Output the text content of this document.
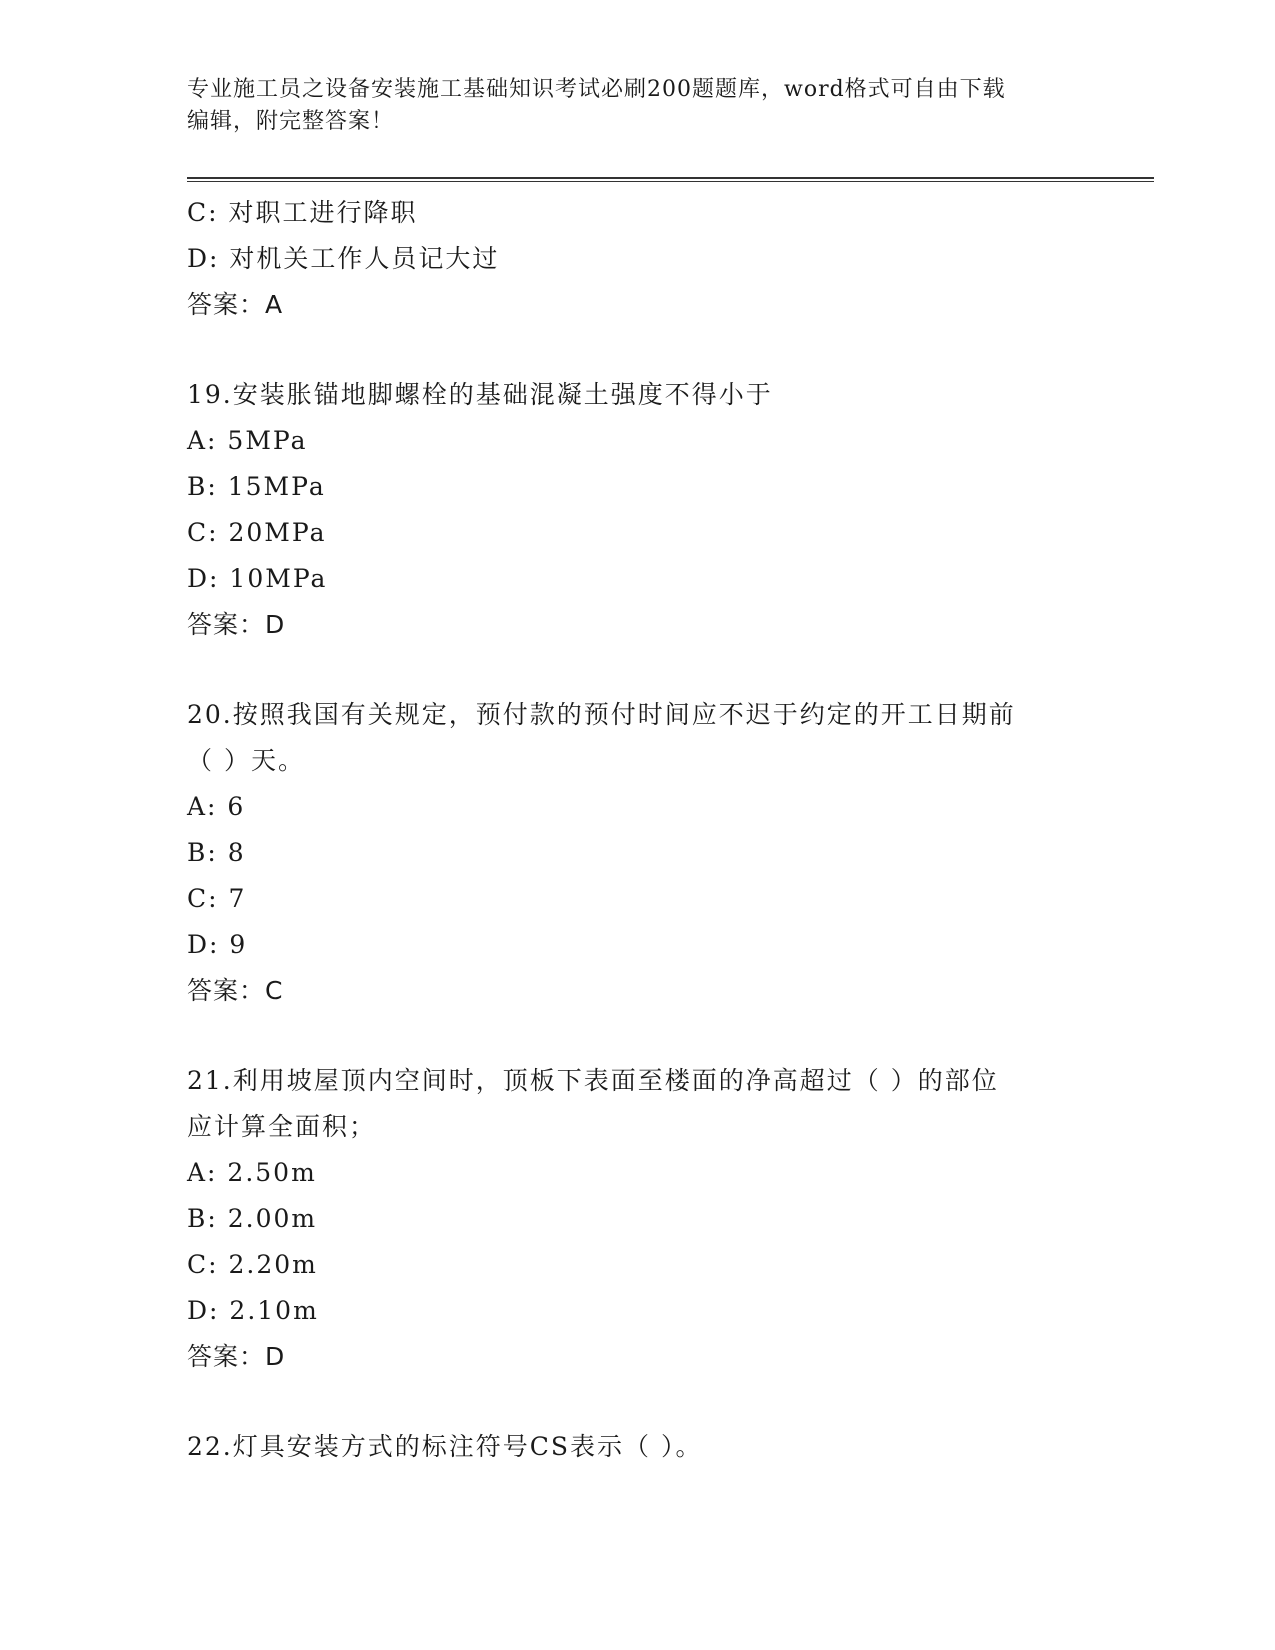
专业施工员之设备安装施工基础知识考试必刷200题题库，word格式可自由下载
编辑，附完整答案！
C: 对职工进行降职
D: 对机关工作人员记大过
答案：A
19.安装胀锚地脚螺栓的基础混凝土强度不得小于
A: 5MPa
B: 15MPa
C: 20MPa
D: 10MPa
答案：D
20.按照我国有关规定，预付款的预付时间应不迟于约定的开工日期前
（ ）天。
A: 6
B: 8
C: 7
D: 9
答案：C
21.利用坡屋顶内空间时，顶板下表面至楼面的净高超过（ ）的部位
应计算全面积；
A: 2.50m
B: 2.00m
C: 2.20m
D: 2.10m
答案：D
22.灯具安装方式的标注符号CS表示（ ）。
